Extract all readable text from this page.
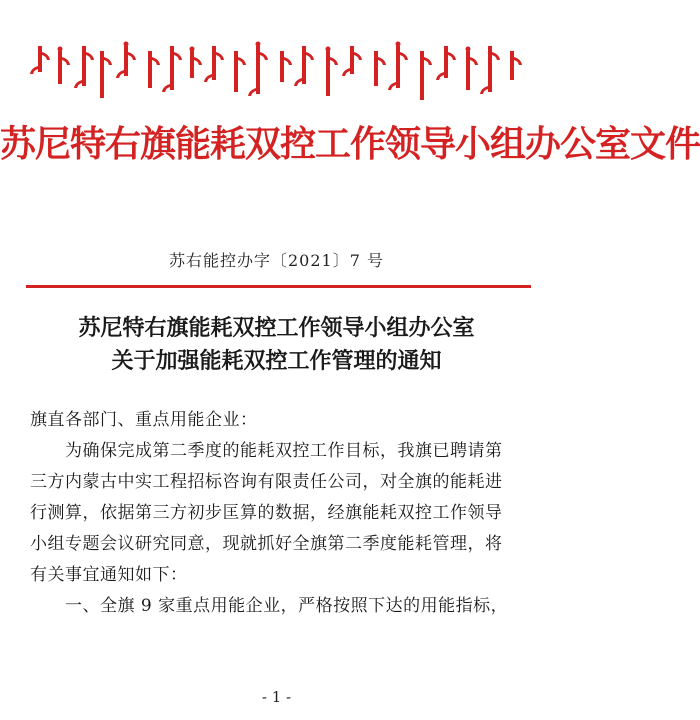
苏尼特右旗能耗双控工作领导小组办公室文件
苏右能控办字〔2021〕7 号
苏尼特右旗能耗双控工作领导小组办公室
关于加强能耗双控工作管理的通知
旗直各部门、重点用能企业：
为确保完成第二季度的能耗双控工作目标，我旗已聘请第
三方内蒙古中实工程招标咨询有限责任公司，对全旗的能耗进
行测算，依据第三方初步匡算的数据，经旗能耗双控工作领导
小组专题会议研究同意，现就抓好全旗第二季度能耗管理，将
有关事宜通知如下：
一、全旗 9 家重点用能企业，严格按照下达的用能指标，
- 1 -
